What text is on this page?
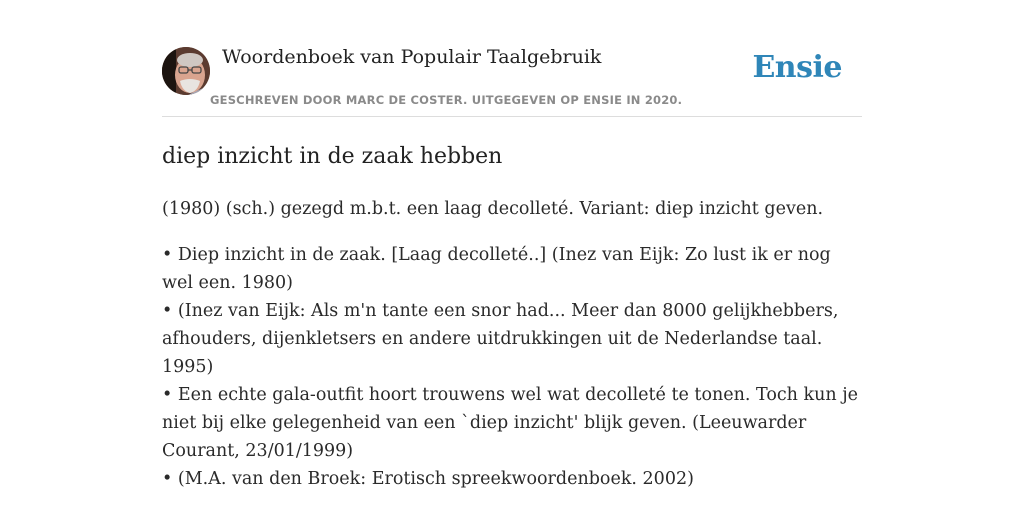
Woordenboek van Populair Taalgebruik
GESCHREVEN DOOR MARC DE COSTER. UITGEGEVEN OP ENSIE IN 2020.
Ensie
diep inzicht in de zaak hebben

(1980) (sch.) gezegd m.b.t. een laag decolleté. Variant: diep inzicht geven.

• Diep inzicht in de zaak. [Laag decolleté..] (Inez van Eijk: Zo lust ik er nog wel een. 1980)
• (Inez van Eijk: Als m'n tante een snor had... Meer dan 8000 gelijkhebbers, afhouders, dijenkletsers en andere uitdrukkingen uit de Nederlandse taal. 1995)
• Een echte gala-outfit hoort trouwens wel wat decolleté te tonen. Toch kun je niet bij elke gelegenheid van een `diep inzicht' blijk geven. (Leeuwarder Courant, 23/01/1999)
• (M.A. van den Broek: Erotisch spreekwoordenboek. 2002)
